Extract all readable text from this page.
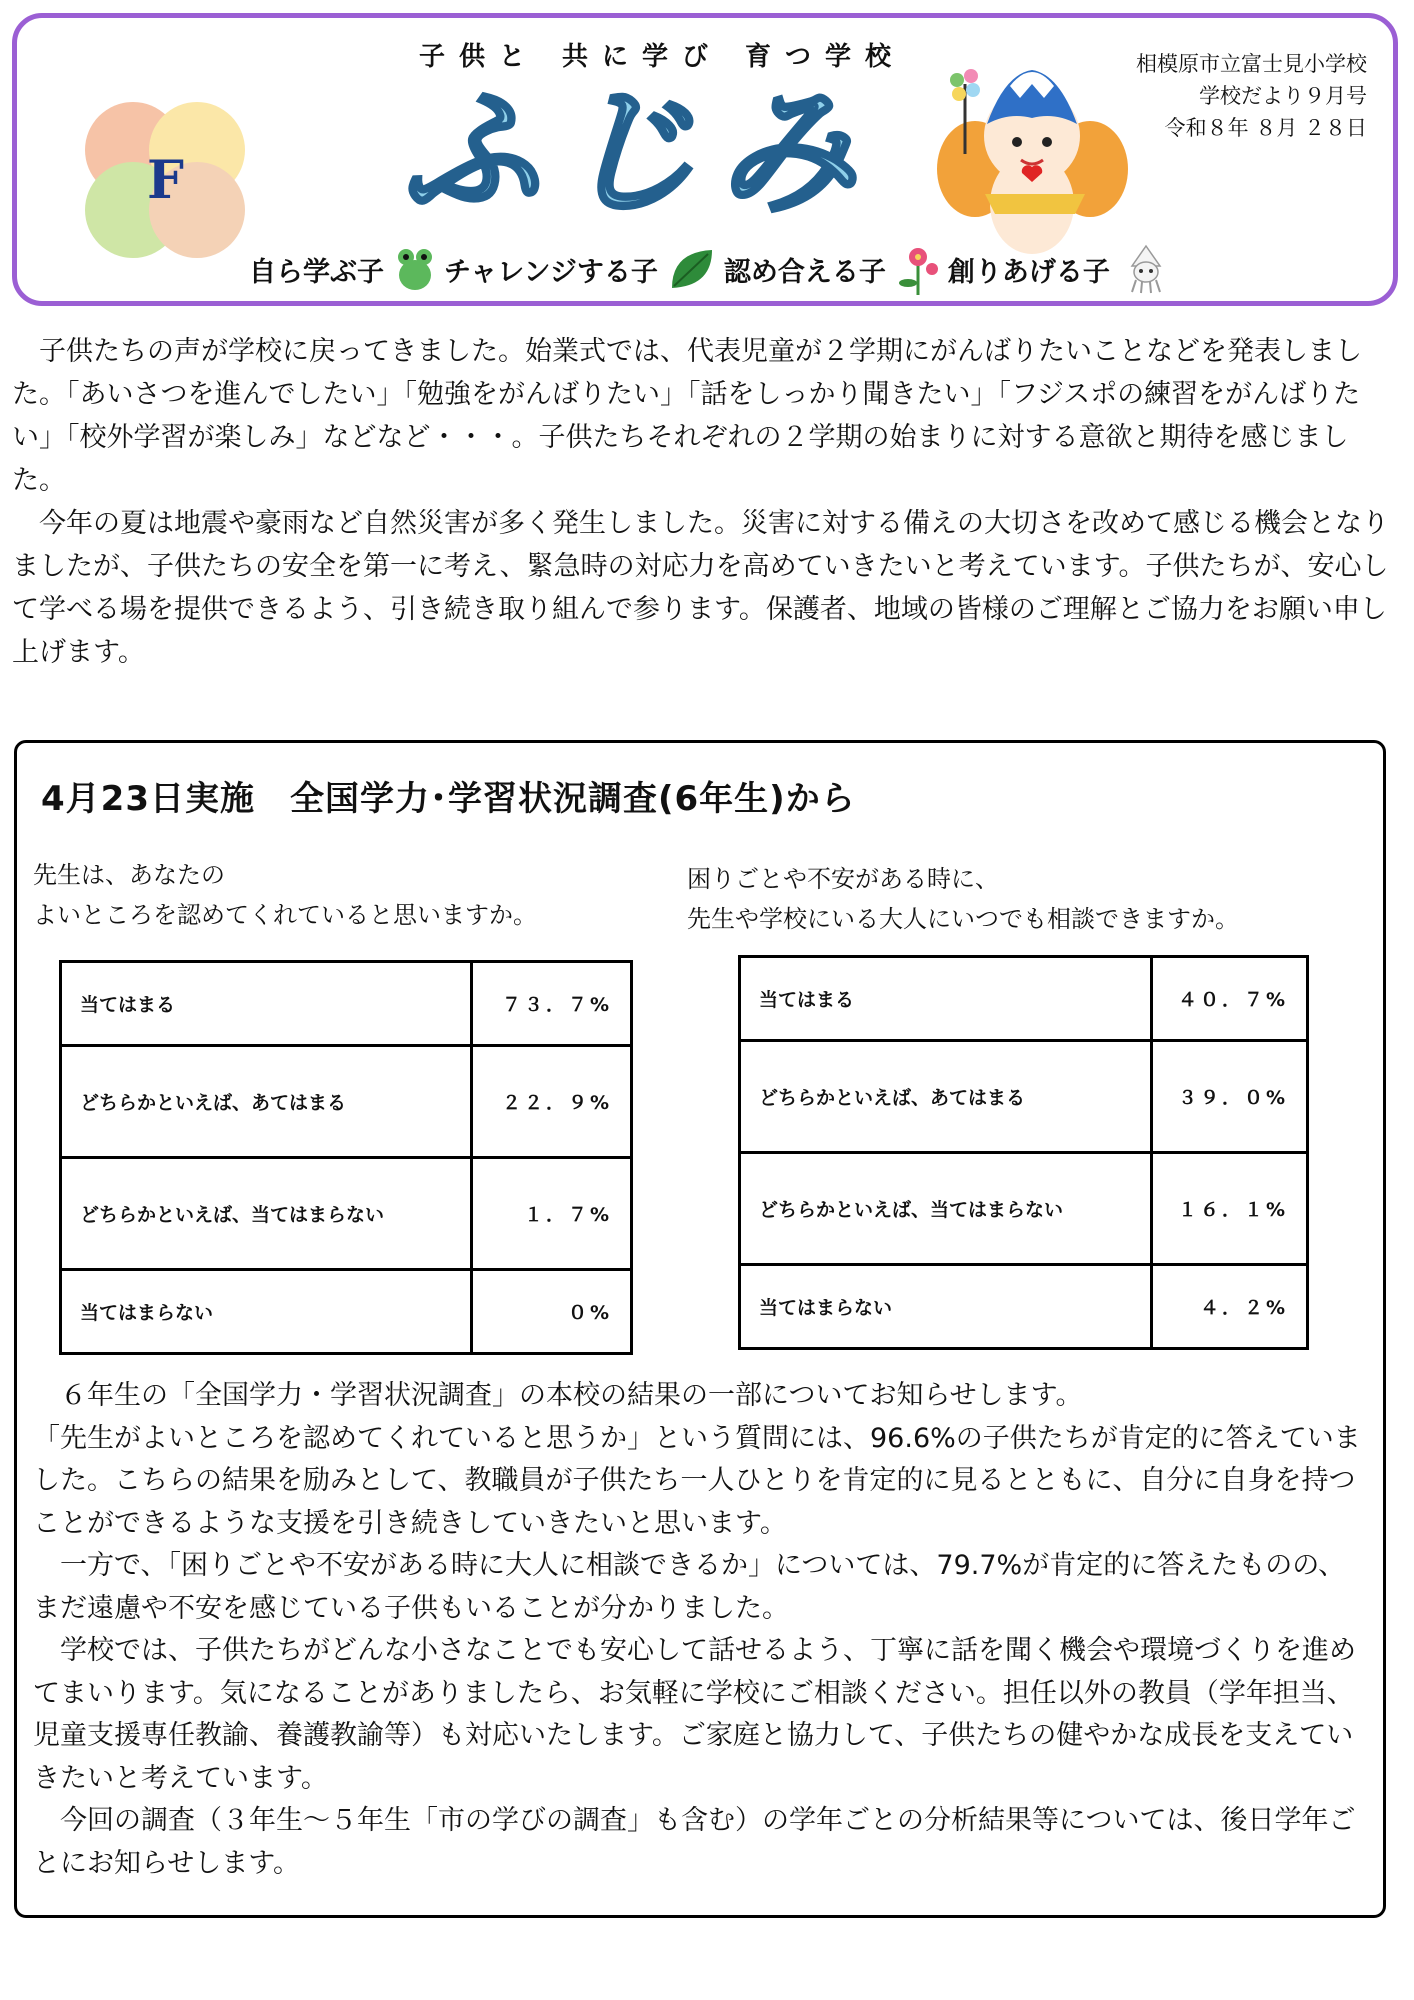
子供と 共に学び 育つ学校	相模原市立富士見小学校
学校だより９月号
令和８年 ８月 ２８日
ふじみ
F
自ら学ぶ子 チャレンジする子 認め合える子 創りあげる子

子供たちの声が学校に戻ってきました。始業式では、代表児童が２学期にがんばりたいことなどを発表しました。「あいさつを進んでしたい」「勉強をがんばりたい」「話をしっかり聞きたい」「フジスポの練習をがんばりたい」「校外学習が楽しみ」などなど・・・。子供たちそれぞれの２学期の始まりに対する意欲と期待を感じました。

今年の夏は地震や豪雨など自然災害が多く発生しました。災害に対する備えの大切さを改めて感じる機会となりましたが、子供たちの安全を第一に考え、緊急時の対応力を高めていきたいと考えています。子供たちが、安心して学べる場を提供できるよう、引き続き取り組んで参ります。保護者、地域の皆様のご理解とご協力をお願い申し上げます。

4月23日実施　全国学力･学習状況調査(6年生)から
先生は、あなたの
よいところを認めてくれていると思いますか。
当てはまる	７３．７%
どちらかといえば、あてはまる	２２．９%
どちらかといえば、当てはまらない	１．７%
当てはまらない	０%
困りごとや不安がある時に、
先生や学校にいる大人にいつでも相談できますか。
当てはまる	４０．７%
どちらかといえば、あてはまる	３９．０%
どちらかといえば、当てはまらない	１６．１%
当てはまらない	４．２%

６年生の「全国学力・学習状況調査」の本校の結果の一部についてお知らせします。

「先生がよいところを認めてくれていると思うか」という質問には、96.6%の子供たちが肯定的に答えていました。こちらの結果を励みとして、教職員が子供たち一人ひとりを肯定的に見るとともに、自分に自身を持つことができるような支援を引き続きしていきたいと思います。

一方で、「困りごとや不安がある時に大人に相談できるか」については、79.7%が肯定的に答えたものの、まだ遠慮や不安を感じている子供もいることが分かりました。

学校では、子供たちがどんな小さなことでも安心して話せるよう、丁寧に話を聞く機会や環境づくりを進めてまいります。気になることがありましたら、お気軽に学校にご相談ください。担任以外の教員（学年担当、児童支援専任教諭、養護教諭等）も対応いたします。ご家庭と協力して、子供たちの健やかな成長を支えていきたいと考えています。

今回の調査（３年生～５年生「市の学びの調査」も含む）の学年ごとの分析結果等については、後日学年ごとにお知らせします。
